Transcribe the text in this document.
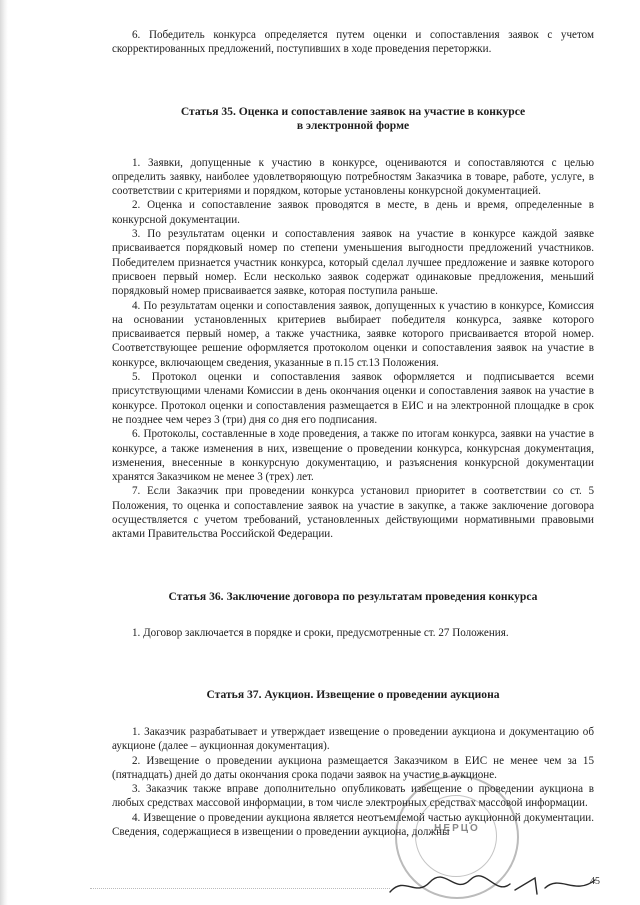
6. Победитель конкурса определяется путем оценки и сопоставления заявок с учетом скорректированных предложений, поступивших в ходе проведения переторжки.

Статья 35. Оценка и сопоставление заявок на участие в конкурсе
в электронной форме

1. Заявки, допущенные к участию в конкурсе, оцениваются и сопоставляются с целью определить заявку, наиболее удовлетворяющую потребностям Заказчика в товаре, работе, услуге, в соответствии с критериями и порядком, которые установлены конкурсной документацией.

2. Оценка и сопоставление заявок проводятся в месте, в день и время, определенные в конкурсной документации.

3. По результатам оценки и сопоставления заявок на участие в конкурсе каждой заявке присваивается порядковый номер по степени уменьшения выгодности предложений участников. Победителем признается участник конкурса, который сделал лучшее предложение и заявке которого присвоен первый номер. Если несколько заявок содержат одинаковые предложения, меньший порядковый номер присваивается заявке, которая поступила раньше.

4. По результатам оценки и сопоставления заявок, допущенных к участию в конкурсе, Комиссия на основании установленных критериев выбирает победителя конкурса, заявке которого присваивается первый номер, а также участника, заявке которого присваивается второй номер. Соответствующее решение оформляется протоколом оценки и сопоставления заявок на участие в конкурсе, включающем сведения, указанные в п.15 ст.13 Положения.

5. Протокол оценки и сопоставления заявок оформляется и подписывается всеми присутствующими членами Комиссии в день окончания оценки и сопоставления заявок на участие в конкурсе. Протокол оценки и сопоставления размещается в ЕИС и на электронной площадке в срок не позднее чем через 3 (три) дня со дня его подписания.

6. Протоколы, составленные в ходе проведения, а также по итогам конкурса, заявки на участие в конкурсе, а также изменения в них, извещение о проведении конкурса, конкурсная документация, изменения, внесенные в конкурсную документацию, и разъяснения конкурсной документации хранятся Заказчиком не менее 3 (трех) лет.

7. Если Заказчик при проведении конкурса установил приоритет в соответствии со ст. 5 Положения, то оценка и сопоставление заявок на участие в закупке, а также заключение договора осуществляется с учетом требований, установленных действующими нормативными правовыми актами Правительства Российской Федерации.

Статья 36. Заключение договора по результатам проведения конкурса

1. Договор заключается в порядке и сроки, предусмотренные ст. 27 Положения.

Статья 37. Аукцион. Извещение о проведении аукциона

1. Заказчик разрабатывает и утверждает извещение о проведении аукциона и документацию об аукционе (далее – аукционная документация).

2. Извещение о проведении аукциона размещается Заказчиком в ЕИС не менее чем за 15 (пятнадцать) дней до даты окончания срока подачи заявок на участие в аукционе.

3. Заказчик также вправе дополнительно опубликовать извещение о проведении аукциона в любых средствах массовой информации, в том числе электронных средствах массовой информации.

4. Извещение о проведении аукциона является неотъемлемой частью аукционной документации. Сведения, содержащиеся в извещении о проведении аукциона, должны

НЕРЦО
45
